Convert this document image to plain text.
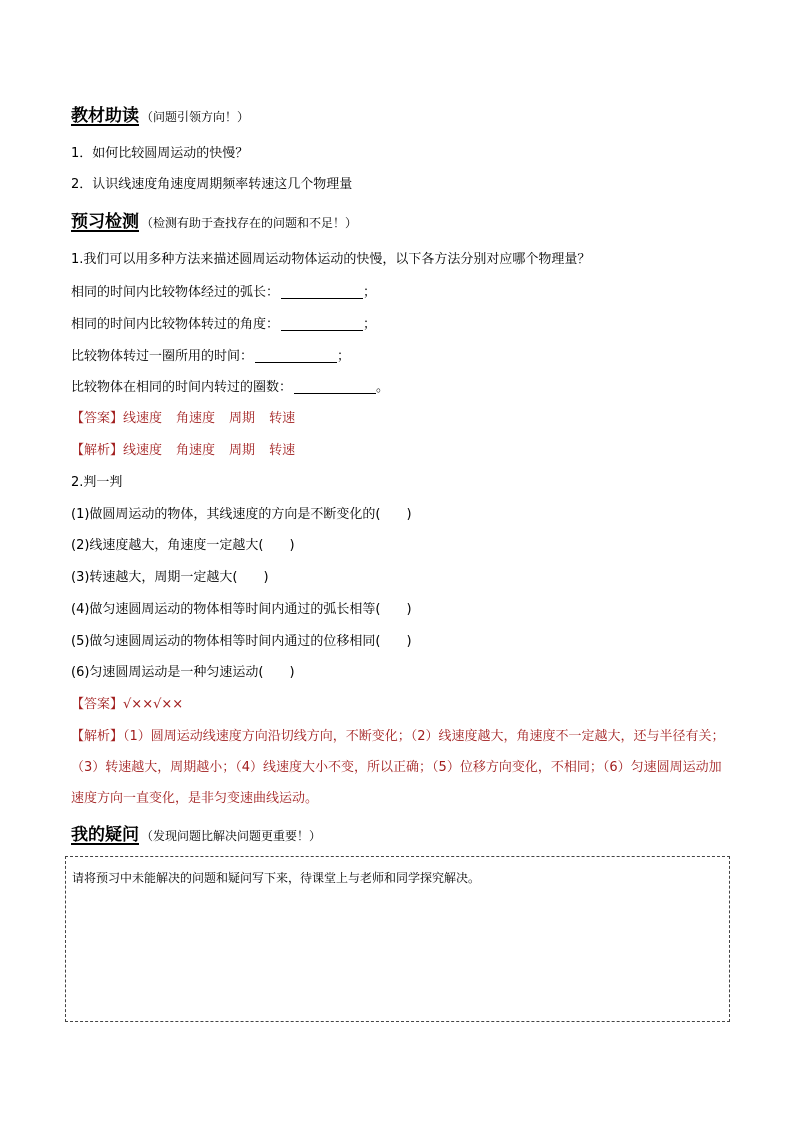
教材助读 （问题引领方向！）
1．如何比较圆周运动的快慢？
2．认识线速度角速度周期频率转速这几个物理量
预习检测 （检测有助于查找存在的问题和不足！）
1.我们可以用多种方法来描述圆周运动物体运动的快慢，以下各方法分别对应哪个物理量？
相同的时间内比较物体经过的弧长：	；
相同的时间内比较物体转过的角度：	；
比较物体转过一圈所用的时间：	；
比较物体在相同的时间内转过的圈数：	。
【答案】线速度 角速度 周期 转速
【解析】线速度 角速度 周期 转速
2.判一判
(1)做圆周运动的物体，其线速度的方向是不断变化的( )
(2)线速度越大，角速度一定越大( )
(3)转速越大，周期一定越大( )
(4)做匀速圆周运动的物体相等时间内通过的弧长相等( )
(5)做匀速圆周运动的物体相等时间内通过的位移相同( )
(6)匀速圆周运动是一种匀速运动( )
【答案】√××√××
【解析】（1）圆周运动线速度方向沿切线方向，不断变化；（2）线速度越大，角速度不一定越大，还与半径有关；（3）转速越大，周期越小；（4）线速度大小不变，所以正确；（5）位移方向变化，不相同；（6）匀速圆周运动加速度方向一直变化，是非匀变速曲线运动。
我的疑问 （发现问题比解决问题更重要！）
请将预习中未能解决的问题和疑问写下来，待课堂上与老师和同学探究解决。
